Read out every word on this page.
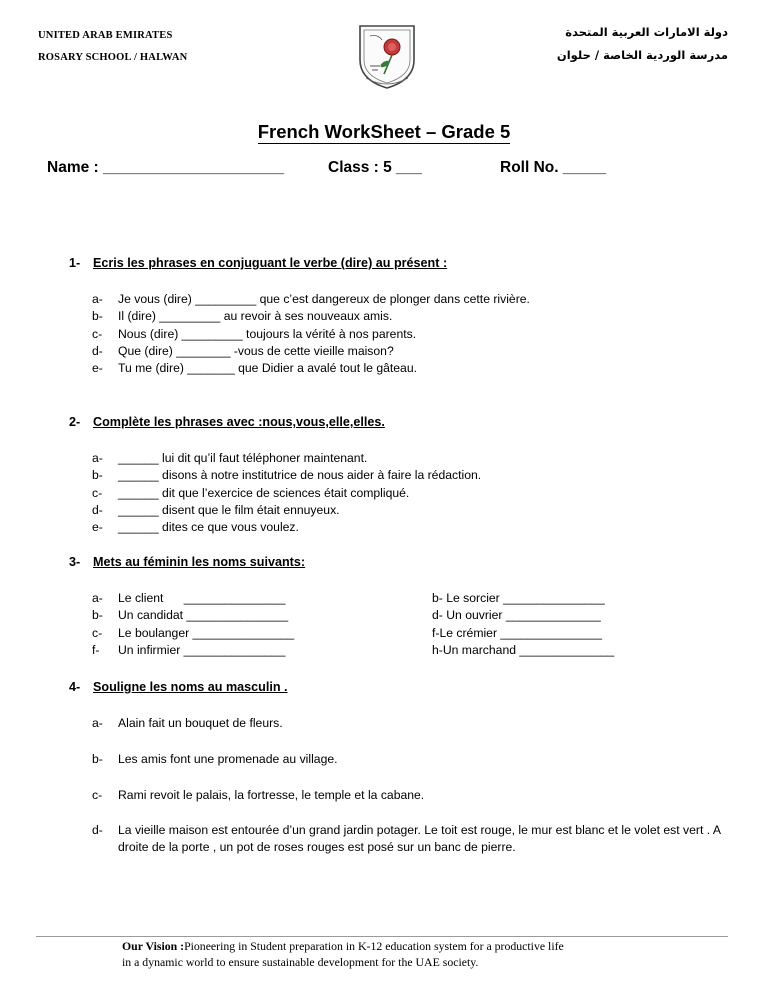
UNITED ARAB EMIRATES
ROSARY SCHOOL / HALWAN
دولة الامارات العربية المتحدة
مدرسة الوردية الخاصة / حلوان
French WorkSheet – Grade 5
Name : _____________________	Class : 5 ___	Roll No. _____
1- Ecris les phrases en conjuguant le verbe (dire) au présent :
a- Je vous (dire) _________ que c’est dangereux de plonger dans cette rivière.
b- Il (dire) _________ au revoir à ses nouveaux amis.
c- Nous (dire) _________ toujours la vérité à nos parents.
d- Que (dire) ________ -vous de cette vieille maison?
e- Tu me (dire) _______ que Didier a avalé tout le gâteau.
2- Complète les phrases avec :nous,vous,elle,elles.
a- ______ lui dit qu’il faut téléphoner maintenant.
b- ______ disons à notre institutrice de nous aider à faire la rédaction.
c- ______ dit que l’exercice de sciences était compliqué.
d- ______ disent que le film était ennuyeux.
e- ______ dites ce que vous voulez.
3- Mets au féminin les noms suivants:
a- Le client      _______________
b- Un candidat _______________
c- Le boulanger _______________
f- Un infirmier _______________
b- Le sorcier _______________
d- Un ouvrier ______________
f-Le crémier _______________
h-Un marchand ______________
4- Souligne les noms au masculin .
a- Alain fait un bouquet de fleurs.
b- Les amis font une promenade au village.
c- Rami revoit le palais, la fortresse, le temple et la cabane.
d- La vieille maison est entourée d’un grand jardin potager. Le toit est rouge, le mur est blanc et le volet est vert . A droite de la porte , un pot de roses rouges est posé sur un banc de pierre.
Our Vision :Pioneering in Student preparation in K-12 education system for a productive life
in a dynamic world to ensure sustainable development for the UAE society.
